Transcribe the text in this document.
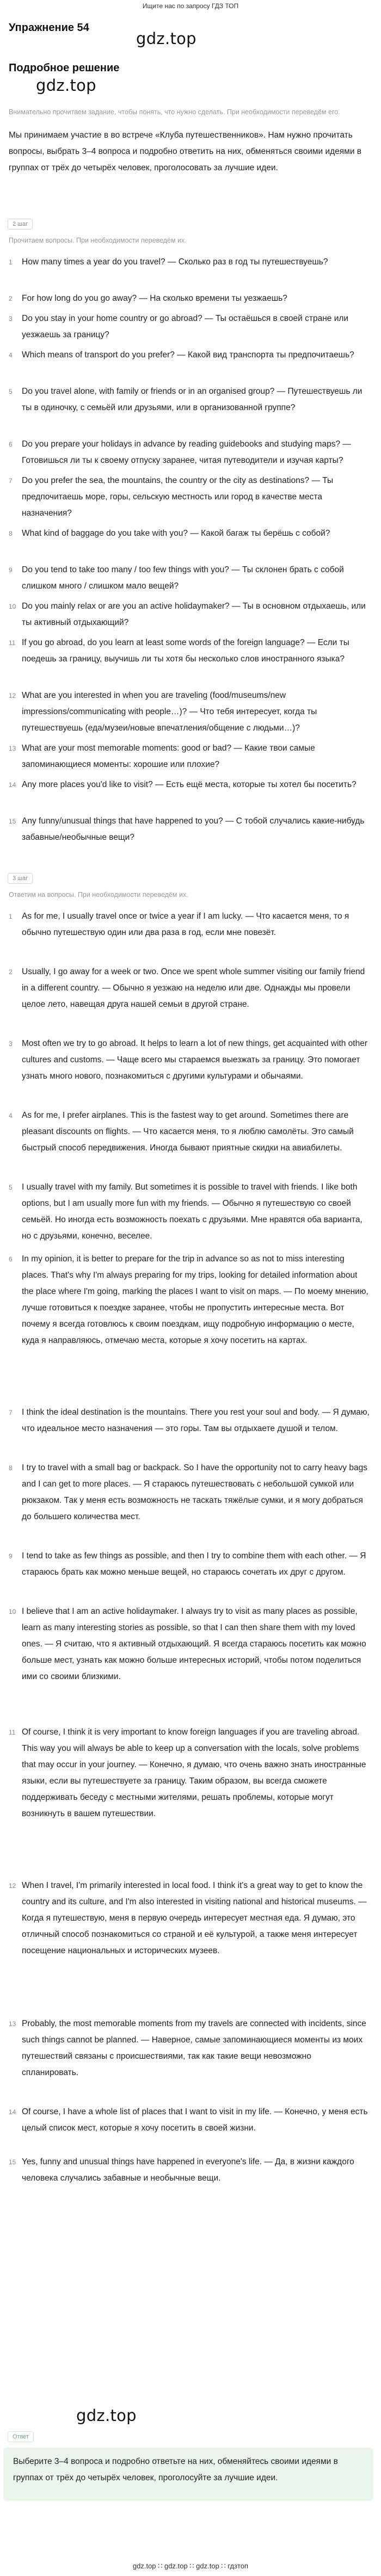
Ищите нас по запросу ГДЗ ТОП
Упражнение 54
gdz.top
Подробное решение
gdz.top
Внимательно прочитаем задание, чтобы понять, что нужно сделать. При необходимости переведём его.
Мы принимаем участие в во встрече «Клуба путешественников». Нам нужно прочитать вопросы, выбрать 3–4 вопроса и подробно ответить на них, обменяться своими идеями в группах от трёх до четырёх человек, проголосовать за лучшие идеи.
2 шаг
Прочитаем вопросы. При необходимости переведём их.
1	How many times a year do you travel? — Сколько раз в год ты путешествуешь?
2	For how long do you go away? — На сколько времени ты уезжаешь?
3	Do you stay in your home country or go abroad? — Ты остаёшься в своей стране или уезжаешь за границу?
4	Which means of transport do you prefer? — Какой вид транспорта ты предпочитаешь?
5	Do you travel alone, with family or friends or in an organised group? — Путешествуешь ли ты в одиночку, с семьёй или друзьями, или в организованной группе?
6	Do you prepare your holidays in advance by reading guidebooks and studying maps? — Готовишься ли ты к своему отпуску заранее, читая путеводители и изучая карты?
7	Do you prefer the sea, the mountains, the country or the city as destinations? — Ты предпочитаешь море, горы, сельскую местность или город в качестве места назначения?
8	What kind of baggage do you take with you? — Какой багаж ты берёшь с собой?
9	Do you tend to take too many / too few things with you? — Ты склонен брать с собой слишком много / слишком мало вещей?
10 Do you mainly relax or are you an active holidaymaker? — Ты в основном отдыхаешь, или ты активный отдыхающий?
11 If you go abroad, do you learn at least some words of the foreign language? — Если ты поедешь за границу, выучишь ли ты хотя бы несколько слов иностранного языка?
12 What are you interested in when you are traveling (food/museums/new impressions/communicating with people…)? — Что тебя интересует, когда ты путешествуешь (еда/музеи/новые впечатления/общение с людьми…)?
13 What are your most memorable moments: good or bad? — Какие твои самые запоминающиеся моменты: хорошие или плохие?
14 Any more places you'd like to visit? — Есть ещё места, которые ты хотел бы посетить?
15 Any funny/unusual things that have happened to you? — С тобой случались какие-нибудь забавные/необычные вещи?
3 шаг
Ответим на вопросы. При необходимости переведём их.
1	As for me, I usually travel once or twice a year if I am lucky. — Что касается меня, то я обычно путешествую один или два раза в год, если мне повезёт.
2	Usually, I go away for a week or two. Once we spent whole summer visiting our family friend in a different country. — Обычно я уезжаю на неделю или две. Однажды мы провели целое лето, навещая друга нашей семьи в другой стране.
3	Most often we try to go abroad. It helps to learn a lot of new things, get acquainted with other cultures and customs. — Чаще всего мы стараемся выезжать за границу. Это помогает узнать много нового, познакомиться с другими культурами и обычаями.
4	As for me, I prefer airplanes. This is the fastest way to get around. Sometimes there are pleasant discounts on flights. — Что касается меня, то я люблю самолёты. Это самый быстрый способ передвижения. Иногда бывают приятные скидки на авиабилеты.
5	I usually travel with my family. But sometimes it is possible to travel with friends. I like both options, but I am usually more fun with my friends. — Обычно я путешествую со своей семьёй. Но иногда есть возможность поехать с друзьями. Мне нравятся оба варианта, но с друзьями, конечно, веселее.
6	In my opinion, it is better to prepare for the trip in advance so as not to miss interesting places. That's why I'm always preparing for my trips, looking for detailed information about the place where I'm going, marking the places I want to visit on maps. — По моему мнению, лучше готовиться к поездке заранее, чтобы не пропустить интересные места. Вот почему я всегда готовлюсь к своим поездкам, ищу подробную информацию о месте, куда я направляюсь, отмечаю места, которые я хочу посетить на картах.
7	I think the ideal destination is the mountains. There you rest your soul and body. — Я думаю, что идеальное место назначения — это горы. Там вы отдыхаете душой и телом.
8	I try to travel with a small bag or backpack. So I have the opportunity not to carry heavy bags and I can get to more places. — Я стараюсь путешествовать с небольшой сумкой или рюкзаком. Так у меня есть возможность не таскать тяжёлые сумки, и я могу добраться до большего количества мест.
9	I tend to take as few things as possible, and then I try to combine them with each other. — Я стараюсь брать как можно меньше вещей, но стараюсь сочетать их друг с другом.
10 I believe that I am an active holidaymaker. I always try to visit as many places as possible, learn as many interesting stories as possible, so that I can then share them with my loved ones. — Я считаю, что я активный отдыхающий. Я всегда стараюсь посетить как можно больше мест, узнать как можно больше интересных историй, чтобы потом поделиться ими со своими близкими.
11 Of course, I think it is very important to know foreign languages if you are traveling abroad. This way you will always be able to keep up a conversation with the locals, solve problems that may occur in your journey. — Конечно, я думаю, что очень важно знать иностранные языки, если вы путешествуете за границу. Таким образом, вы всегда сможете поддерживать беседу с местными жителями, решать проблемы, которые могут возникнуть в вашем путешествии.
12 When I travel, I'm primarily interested in local food. I think it's a great way to get to know the country and its culture, and I'm also interested in visiting national and historical museums. — Когда я путешествую, меня в первую очередь интересует местная еда. Я думаю, это отличный способ познакомиться со страной и её культурой, а также меня интересует посещение национальных и исторических музеев.
13 Probably, the most memorable moments from my travels are connected with incidents, since such things cannot be planned. — Наверное, самые запоминающиеся моменты из моих путешествий связаны с происшествиями, так как такие вещи невозможно спланировать.
14 Of course, I have a whole list of places that I want to visit in my life. — Конечно, у меня есть целый список мест, которые я хочу посетить в своей жизни.
15 Yes, funny and unusual things have happened in everyone's life. — Да, в жизни каждого человека случались забавные и необычные вещи.
Ответ
gdz.top
Выберите 3–4 вопроса и подробно ответьте на них, обменяйтесь своими идеями в группах от трёх до четырёх человек, проголосуйте за лучшие идеи.
gdz.top ∷ gdz.top ∷ gdz.top ∷ гдзтоп
